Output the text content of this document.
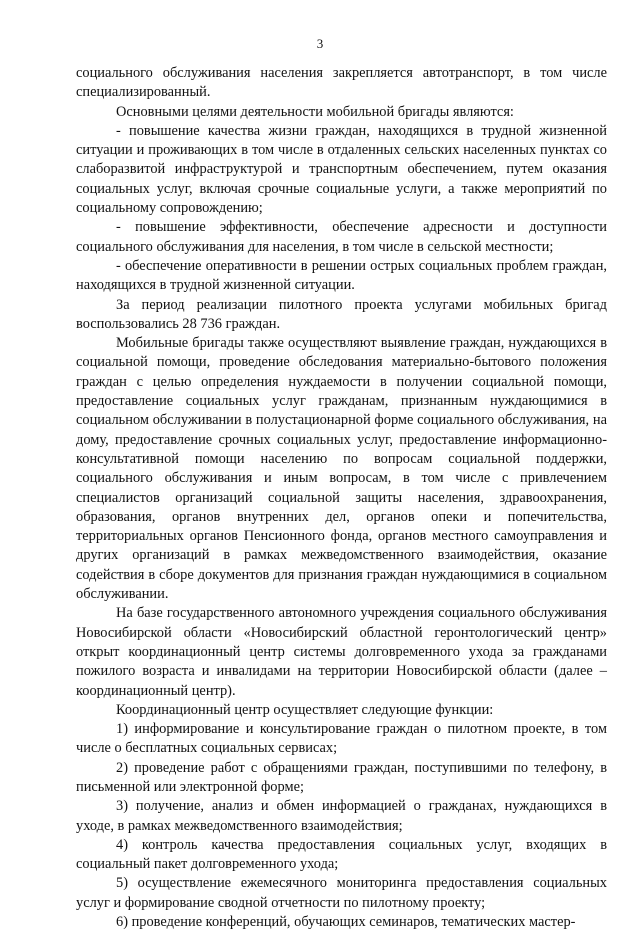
3

социального обслуживания населения закрепляется автотранспорт, в том числе специализированный.

Основными целями деятельности мобильной бригады являются:

- повышение качества жизни граждан, находящихся в трудной жизненной ситуации и проживающих в том числе в отдаленных сельских населенных пунктах со слаборазвитой инфраструктурой и транспортным обеспечением, путем оказания социальных услуг, включая срочные социальные услуги, а также мероприятий по социальному сопровождению;

- повышение эффективности, обеспечение адресности и доступности социального обслуживания для населения, в том числе в сельской местности;

- обеспечение оперативности в решении острых социальных проблем граждан, находящихся в трудной жизненной ситуации.

За период реализации пилотного проекта услугами мобильных бригад воспользовались 28 736 граждан.

Мобильные бригады также осуществляют выявление граждан, нуждающихся в социальной помощи, проведение обследования материально-бытового положения граждан с целью определения нуждаемости в получении социальной помощи, предоставление социальных услуг гражданам, признанным нуждающимися в социальном обслуживании в полустационарной форме социального обслуживания, на дому, предоставление срочных социальных услуг, предоставление информационно-консультативной помощи населению по вопросам социальной поддержки, социального обслуживания и иным вопросам, в том числе с привлечением специалистов организаций социальной защиты населения, здравоохранения, образования, органов внутренних дел, органов опеки и попечительства, территориальных органов Пенсионного фонда, органов местного самоуправления и других организаций в рамках межведомственного взаимодействия, оказание содействия в сборе документов для признания граждан нуждающимися в социальном обслуживании.

На базе государственного автономного учреждения социального обслуживания Новосибирской области «Новосибирский областной геронтологический центр» открыт координационный центр системы долговременного ухода за гражданами пожилого возраста и инвалидами на территории Новосибирской области (далее – координационный центр).

Координационный центр осуществляет следующие функции:

1) информирование и консультирование граждан о пилотном проекте, в том числе о бесплатных социальных сервисах;

2) проведение работ с обращениями граждан, поступившими по телефону, в письменной или электронной форме;

3) получение, анализ и обмен информацией о гражданах, нуждающихся в уходе, в рамках межведомственного взаимодействия;

4) контроль качества предоставления социальных услуг, входящих в социальный пакет долговременного ухода;

5) осуществление ежемесячного мониторинга предоставления социальных услуг и формирование сводной отчетности по пилотному проекту;

6) проведение конференций, обучающих семинаров, тематических мастер-
